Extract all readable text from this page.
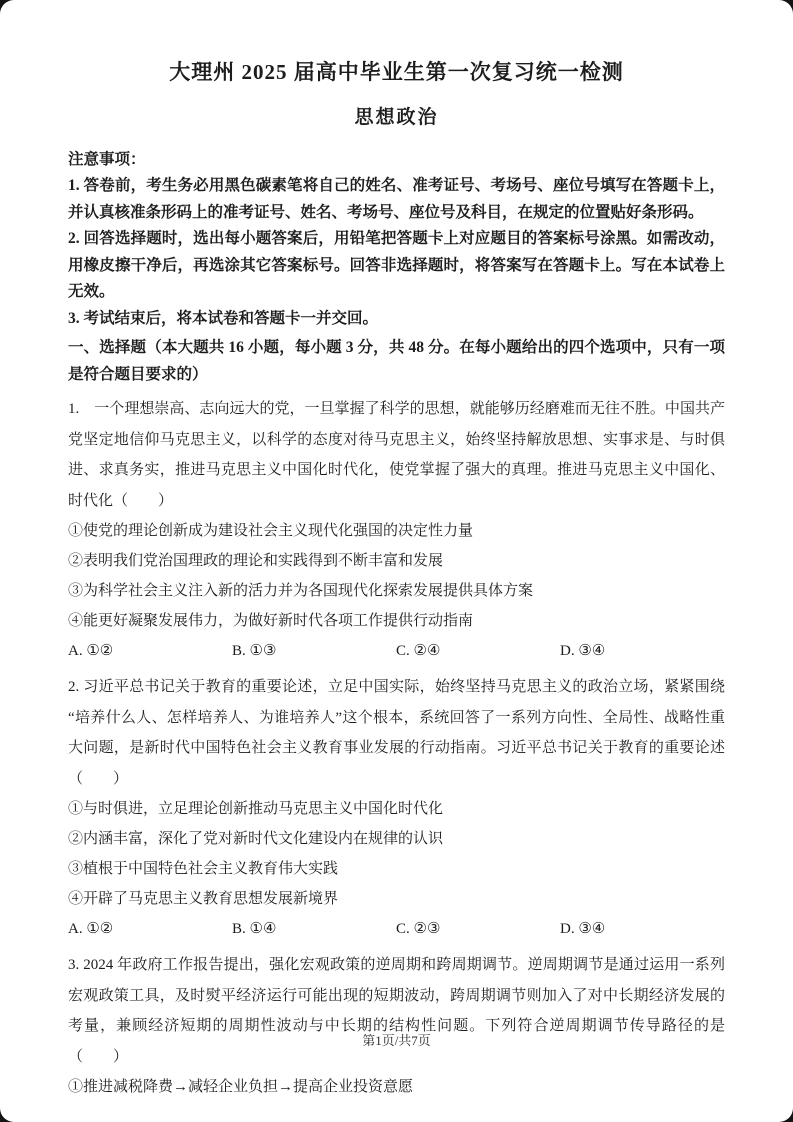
大理州 2025 届高中毕业生第一次复习统一检测
思想政治
注意事项：

1. 答卷前，考生务必用黑色碳素笔将自己的姓名、准考证号、考场号、座位号填写在答题卡上，并认真核准条形码上的准考证号、姓名、考场号、座位号及科目，在规定的位置贴好条形码。

2. 回答选择题时，选出每小题答案后，用铅笔把答题卡上对应题目的答案标号涂黑。如需改动，用橡皮擦干净后，再选涂其它答案标号。回答非选择题时，将答案写在答题卡上。写在本试卷上无效。

3. 考试结束后，将本试卷和答题卡一并交回。

一、选择题（本大题共 16 小题，每小题 3 分，共 48 分。在每小题给出的四个选项中，只有一项是符合题目要求的）

1.　一个理想崇高、志向远大的党，一旦掌握了科学的思想，就能够历经磨难而无往不胜。中国共产党坚定地信仰马克思主义，以科学的态度对待马克思主义，始终坚持解放思想、实事求是、与时俱进、求真务实，推进马克思主义中国化时代化，使党掌握了强大的真理。推进马克思主义中国化、时代化（　　）

①使党的理论创新成为建设社会主义现代化强国的决定性力量

②表明我们党治国理政的理论和实践得到不断丰富和发展

③为科学社会主义注入新的活力并为各国现代化探索发展提供具体方案

④能更好凝聚发展伟力，为做好新时代各项工作提供行动指南

A. ①②	B. ①③	C. ②④	D. ③④

2. 习近平总书记关于教育的重要论述，立足中国实际，始终坚持马克思主义的政治立场，紧紧围绕“培养什么人、怎样培养人、为谁培养人”这个根本，系统回答了一系列方向性、全局性、战略性重大问题，是新时代中国特色社会主义教育事业发展的行动指南。习近平总书记关于教育的重要论述（　　）

①与时俱进，立足理论创新推动马克思主义中国化时代化

②内涵丰富，深化了党对新时代文化建设内在规律的认识

③植根于中国特色社会主义教育伟大实践

④开辟了马克思主义教育思想发展新境界

A. ①②	B. ①④	C. ②③	D. ③④

3. 2024 年政府工作报告提出，强化宏观政策的逆周期和跨周期调节。逆周期调节是通过运用一系列宏观政策工具，及时熨平经济运行可能出现的短期波动，跨周期调节则加入了对中长期经济发展的考量，兼顾经济短期的周期性波动与中长期的结构性问题。下列符合逆周期调节传导路径的是（　　）

①推进减税降费→减轻企业负担→提高企业投资意愿

第1页/共7页
